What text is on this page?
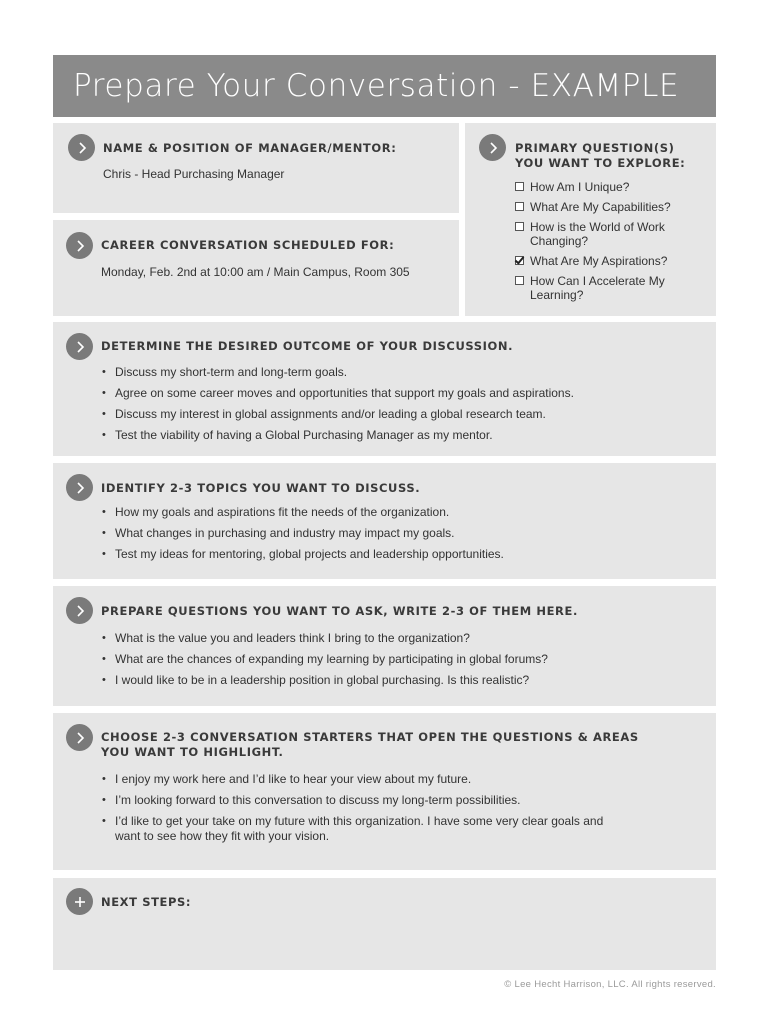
Prepare Your Conversation - EXAMPLE
NAME & POSITION OF MANAGER/MENTOR:
Chris - Head Purchasing Manager
CAREER CONVERSATION SCHEDULED FOR:
Monday, Feb. 2nd at 10:00 am / Main Campus, Room 305
PRIMARY QUESTION(S)
YOU WANT TO EXPLORE:
How Am I Unique?
What Are My Capabilities?
How is the World of Work Changing?
What Are My Aspirations?
How Can I Accelerate My Learning?
DETERMINE THE DESIRED OUTCOME OF YOUR DISCUSSION.
• Discuss my short-term and long-term goals.
• Agree on some career moves and opportunities that support my goals and aspirations.
• Discuss my interest in global assignments and/or leading a global research team.
• Test the viability of having a Global Purchasing Manager as my mentor.
IDENTIFY 2-3 TOPICS YOU WANT TO DISCUSS.
• How my goals and aspirations fit the needs of the organization.
• What changes in purchasing and industry may impact my goals.
• Test my ideas for mentoring, global projects and leadership opportunities.
PREPARE QUESTIONS YOU WANT TO ASK, WRITE 2-3 OF THEM HERE.
• What is the value you and leaders think I bring to the organization?
• What are the chances of expanding my learning by participating in global forums?
• I would like to be in a leadership position in global purchasing. Is this realistic?
CHOOSE 2-3 CONVERSATION STARTERS THAT OPEN THE QUESTIONS & AREAS
YOU WANT TO HIGHLIGHT.
• I enjoy my work here and I’d like to hear your view about my future.
• I’m looking forward to this conversation to discuss my long-term possibilities.
• I’d like to get your take on my future with this organization. I have some very clear goals and want to see how they fit with your vision.
NEXT STEPS:
© Lee Hecht Harrison, LLC. All rights reserved.
